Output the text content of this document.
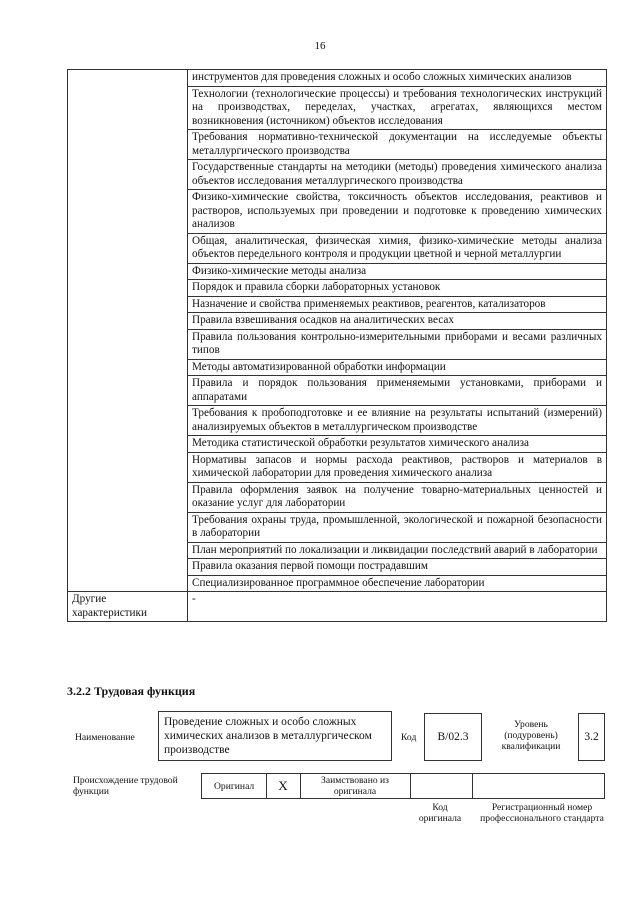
16
	инструментов для проведения сложных и особо сложных химических анализов
	Технологии (технологические процессы) и требования технологических инструкций на производствах, переделах, участках, агрегатах, являющихся местом возникновения (источником) объектов исследования
	Требования нормативно-технической документации на исследуемые объекты металлургического производства
	Государственные стандарты на методики (методы) проведения химического анализа объектов исследования металлургического производства
	Физико-химические свойства, токсичность объектов исследования, реактивов и растворов, используемых при проведении и подготовке к проведению химических анализов
	Общая, аналитическая, физическая химия, физико-химические методы анализа объектов передельного контроля и продукции цветной и черной металлургии
	Физико-химические методы анализа
	Порядок и правила сборки лабораторных установок
	Назначение и свойства применяемых реактивов, реагентов, катализаторов
	Правила взвешивания осадков на аналитических весах
	Правила пользования контрольно-измерительными приборами и весами различных типов
	Методы автоматизированной обработки информации
	Правила и порядок пользования применяемыми установками, приборами и аппаратами
	Требования к пробоподготовке и ее влияние на результаты испытаний (измерений) анализируемых объектов в металлургическом производстве
	Методика статистической обработки результатов химического анализа
	Нормативы запасов и нормы расхода реактивов, растворов и материалов в химической лаборатории для проведения химического анализа
	Правила оформления заявок на получение товарно-материальных ценностей и оказание услуг для лаборатории
	Требования охраны труда, промышленной, экологической и пожарной безопасности в лаборатории
	План мероприятий по локализации и ликвидации последствий аварий в лаборатории
	Правила оказания первой помощи пострадавшим
	Специализированное программное обеспечение лаборатории
Другие характеристики	-
3.2.2 Трудовая функция
Наименование
Проведение сложных и особо сложных химических анализов в металлургическом производстве
Код	B/02.3
Уровень (подуровень) квалификации
3.2
Происхождение трудовой функции	Оригинал	X	Заимствовано из оригинала
Код оригинала
Регистрационный номер профессионального стандарта
